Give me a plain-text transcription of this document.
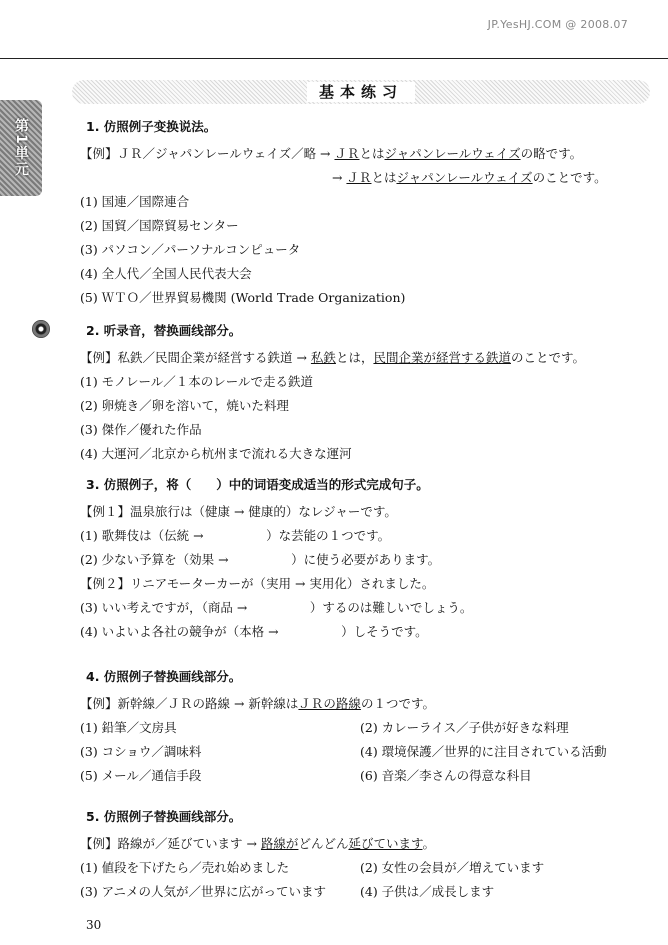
JP.YesHJ.COM @ 2008.07
第1単元
基本练习
1. 仿照例子变换说法。
【例】ＪＲ／ジャパンレールウェイズ／略 → ＪＲとはジャパンレールウェイズの略です。
→ ＪＲとはジャパンレールウェイズのことです。
(1) 国連／国際連合
(2) 国貿／国際貿易センター
(3) パソコン／パーソナルコンピュータ
(4) 全人代／全国人民代表大会
(5) ＷＴＯ／世界貿易機関 (World Trade Organization)
2. 听录音，替换画线部分。
【例】私鉄／民間企業が経営する鉄道 → 私鉄とは，民間企業が経営する鉄道のことです。
(1) モノレール／１本のレールで走る鉄道
(2) 卵焼き／卵を溶いて，焼いた料理
(3) 傑作／優れた作品
(4) 大運河／北京から杭州まで流れる大きな運河
3. 仿照例子，将（　　）中的词语变成适当的形式完成句子。
【例１】温泉旅行は（健康 → 健康的）なレジャーです。
(1) 歌舞伎は（伝統 →　　　　　）な芸能の１つです。
(2) 少ない予算を（効果 →　　　　　）に使う必要があります。
【例２】リニアモーターカーが（実用 → 実用化）されました。
(3) いい考えですが，（商品 →　　　　　）するのは難しいでしょう。
(4) いよいよ各社の競争が（本格 →　　　　　）しそうです。
4. 仿照例子替换画线部分。
【例】新幹線／ＪＲの路線 → 新幹線はＪＲの路線の１つです。
(1) 鉛筆／文房具	(2) カレーライス／子供が好きな料理
(3) コショウ／調味料	(4) 環境保護／世界的に注目されている活動
(5) メール／通信手段	(6) 音楽／李さんの得意な科目
5. 仿照例子替换画线部分。
【例】路線が／延びています → 路線がどんどん延びています。
(1) 値段を下げたら／売れ始めました	(2) 女性の会員が／増えています
(3) アニメの人気が／世界に広がっています	(4) 子供は／成長します
30
